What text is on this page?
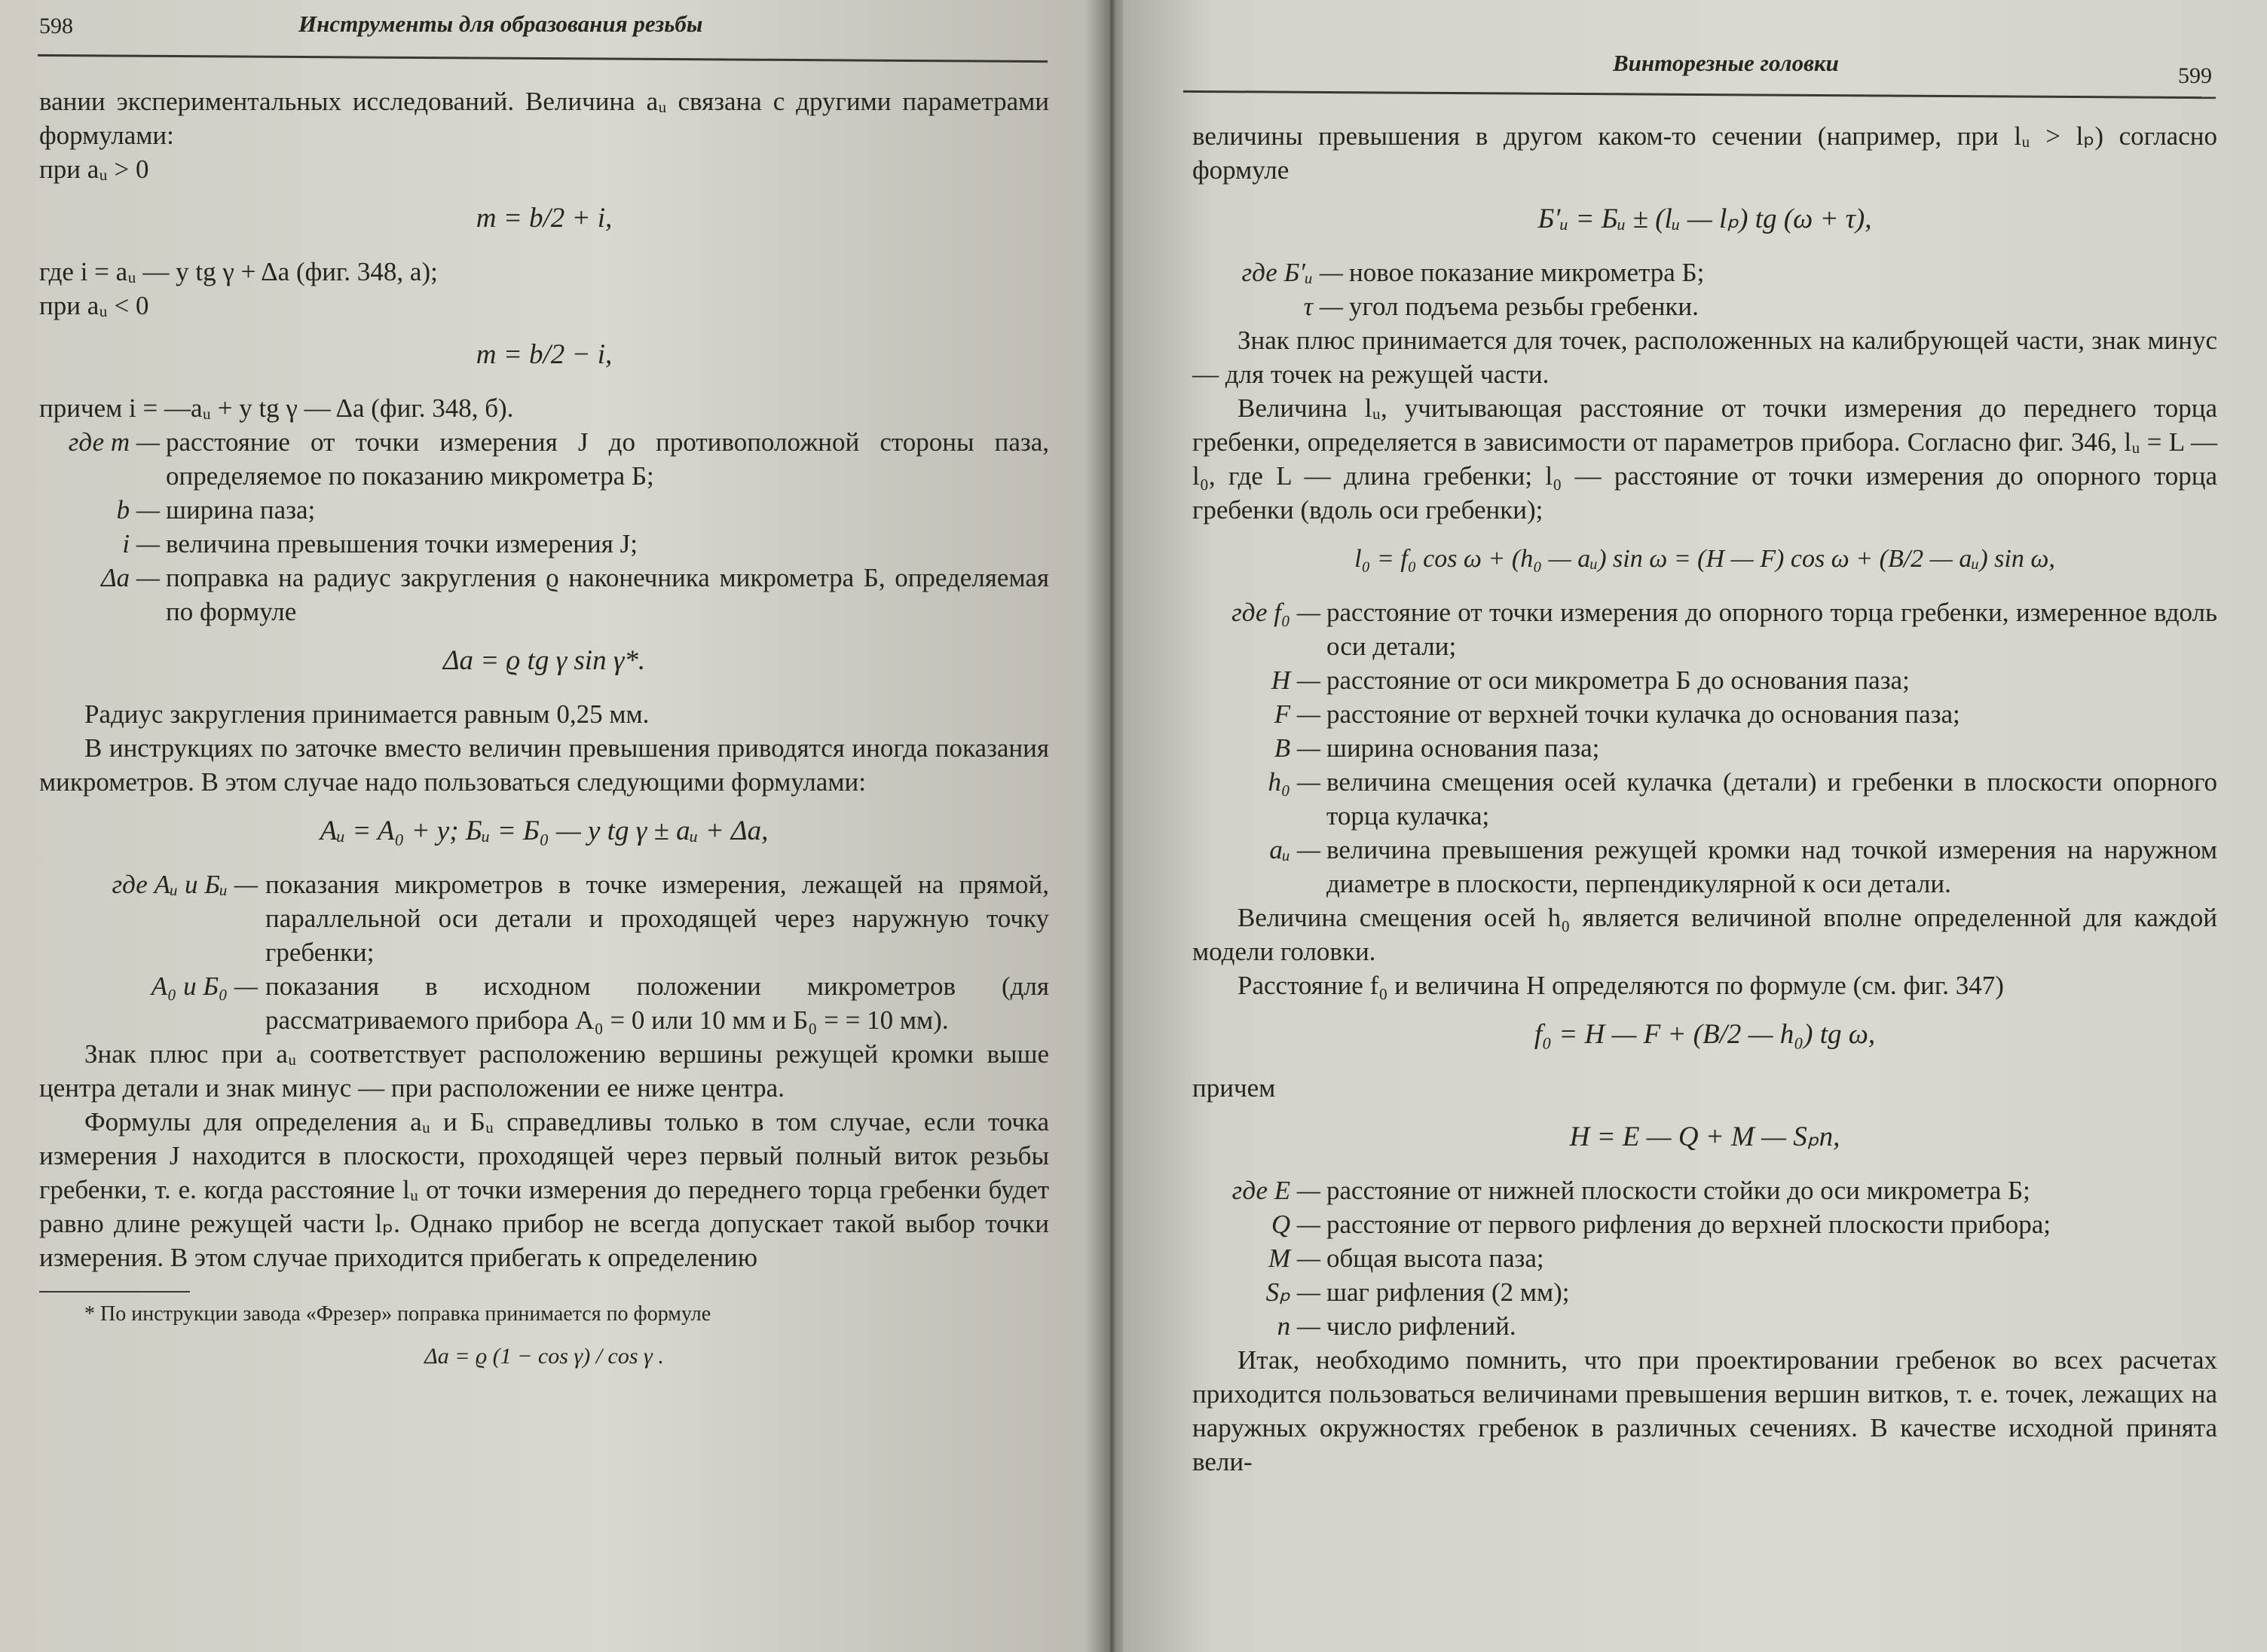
598	Инструменты для образования резьбы

вании экспериментальных исследований. Величина aᵤ связана с другими параметрами формулами:

при aᵤ > 0

m = b/2 + i,

где i = aᵤ — y tg γ + Δa (фиг. 348, а);

при aᵤ < 0

m = b/2 − i,

причем i = —aᵤ + y tg γ — Δa (фиг. 348, б).

где m — расстояние от точки измерения J до противоположной стороны паза, определяемое по показанию микрометра Б;
b — ширина паза;
i — величина превышения точки измерения J;
Δa — поправка на радиус закругления ϱ наконечника микрометра Б, определяемая по формуле
Δa = ϱ tg γ sin γ*.

Радиус закругления принимается равным 0,25 мм.

В инструкциях по заточке вместо величин превышения приводятся иногда показания микрометров. В этом случае надо пользоваться следующими формулами:

Aᵤ = A₀ + y; Бᵤ = Б₀ — y tg γ ± aᵤ + Δa,
где Aᵤ и Бᵤ — показания микрометров в точке измерения, лежащей на прямой, параллельной оси детали и проходящей через наружную точку гребенки;
A₀ и Б₀ — показания в исходном положении микрометров (для рассматриваемого прибора A₀ = 0 или 10 мм и Б₀ = = 10 мм).

Знак плюс при aᵤ соответствует расположению вершины режущей кромки выше центра детали и знак минус — при расположении ее ниже центра.

Формулы для определения aᵤ и Бᵤ справедливы только в том случае, если точка измерения J находится в плоскости, проходящей через первый полный виток резьбы гребенки, т. е. когда расстояние lᵤ от точки измерения до переднего торца гребенки будет равно длине режущей части lₚ. Однако прибор не всегда допускает такой выбор точки измерения. В этом случае приходится прибегать к определению

* По инструкции завода «Фрезер» поправка принимается по формуле
Δa = ϱ (1 − cos γ) / cos γ .
Винторезные головки	599

величины превышения в другом каком-то сечении (например, при lᵤ > lₚ) согласно формуле

Б′ᵤ = Бᵤ ± (lᵤ — lₚ) tg (ω + τ),
где Б′ᵤ — новое показание микрометра Б;
τ — угол подъема резьбы гребенки.

Знак плюс принимается для точек, расположенных на калибрующей части, знак минус — для точек на режущей части.

Величина lᵤ, учитывающая расстояние от точки измерения до переднего торца гребенки, определяется в зависимости от параметров прибора. Согласно фиг. 346, lᵤ = L — l₀, где L — длина гребенки; l₀ — расстояние от точки измерения до опорного торца гребенки (вдоль оси гребенки);

l₀ = f₀ cos ω + (h₀ — aᵤ) sin ω = (H — F) cos ω + (B/2 — aᵤ) sin ω,
где f₀ — расстояние от точки измерения до опорного торца гребенки, измеренное вдоль оси детали;
H — расстояние от оси микрометра Б до основания паза;
F — расстояние от верхней точки кулачка до основания паза;
B — ширина основания паза;
h₀ — величина смещения осей кулачка (детали) и гребенки в плоскости опорного торца кулачка;
aᵤ — величина превышения режущей кромки над точкой измерения на наружном диаметре в плоскости, перпендикулярной к оси детали.

Величина смещения осей h₀ является величиной вполне определенной для каждой модели головки.

Расстояние f₀ и величина H определяются по формуле (см. фиг. 347)

f₀ = H — F + (B/2 — h₀) tg ω,

причем

H = E — Q + M — Sₚn,
где E — расстояние от нижней плоскости стойки до оси микрометра Б;
Q — расстояние от первого рифления до верхней плоскости прибора;
M — общая высота паза;
Sₚ — шаг рифления (2 мм);
n — число рифлений.

Итак, необходимо помнить, что при проектировании гребенок во всех расчетах приходится пользоваться величинами превышения вершин витков, т. е. точек, лежащих на наружных окружностях гребенок в различных сечениях. В качестве исходной принята вели-
